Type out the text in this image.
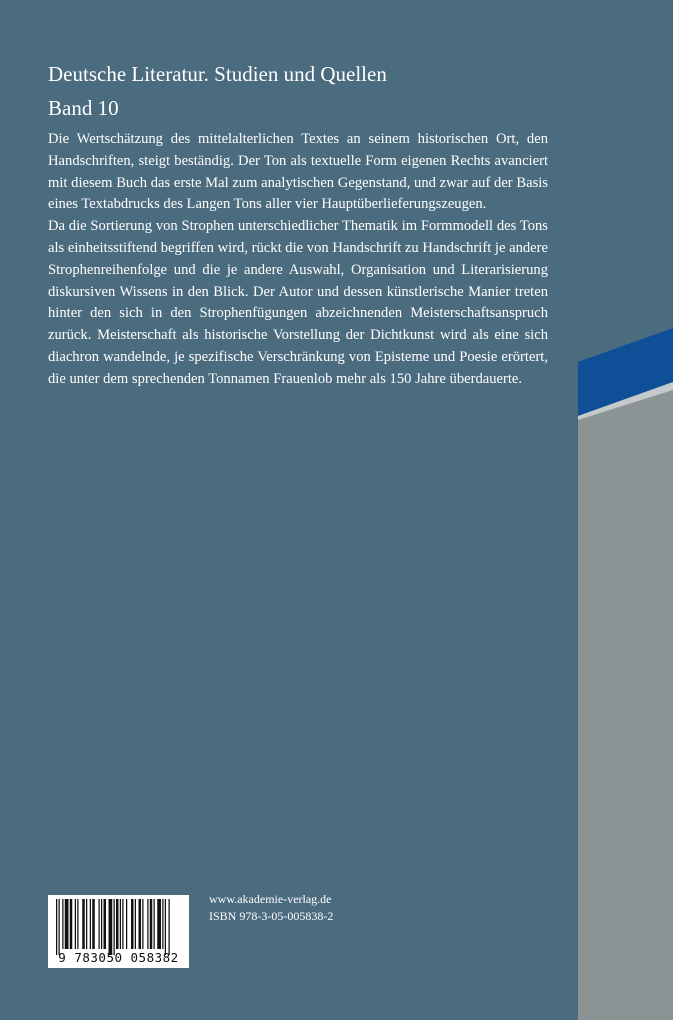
Deutsche Literatur. Studien und Quellen
Band 10

Die Wertschätzung des mittelalterlichen Textes an seinem historischen Ort, den Handschriften, steigt beständig. Der Ton als textuelle Form eigenen Rechts avanciert mit diesem Buch das erste Mal zum analytischen Gegenstand, und zwar auf der Basis eines Textabdrucks des Langen Tons aller vier Hauptüberlieferungszeugen.

Da die Sortierung von Strophen unterschiedlicher Thematik im Formmodell des Tons als einheitsstiftend begriffen wird, rückt die von Handschrift zu Handschrift je andere Strophenreihenfolge und die je andere Auswahl, Organisation und Literarisierung diskursiven Wissens in den Blick. Der Autor und dessen künstlerische Manier treten hinter den sich in den Strophenfügungen abzeichnenden Meisterschaftsanspruch zurück. Meisterschaft als historische Vorstellung der Dichtkunst wird als eine sich diachron wandelnde, je spezifische Verschränkung von Episteme und Poesie erörtert, die unter dem sprechenden Tonnamen Frauenlob mehr als 150 Jahre überdauerte.

9 783050 058382
www.akademie-verlag.de
ISBN 978-3-05-005838-2
